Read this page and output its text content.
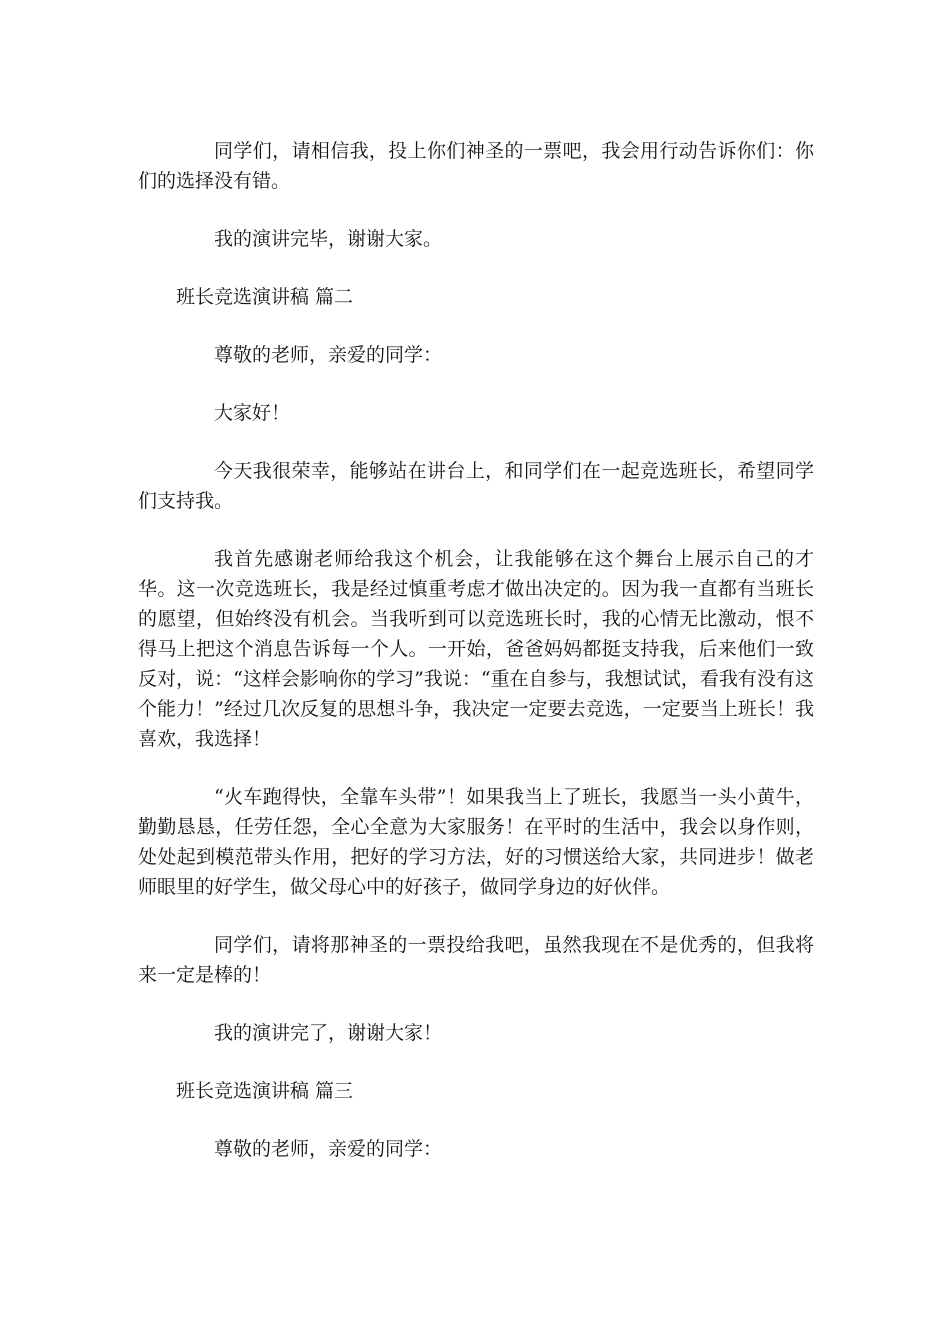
同学们，请相信我，投上你们神圣的一票吧，我会用行动告诉你们：你们的选择没有错。

我的演讲完毕，谢谢大家。

班长竞选演讲稿 篇二

尊敬的老师，亲爱的同学：

大家好！

今天我很荣幸，能够站在讲台上，和同学们在一起竞选班长，希望同学们支持我。

我首先感谢老师给我这个机会，让我能够在这个舞台上展示自己的才华。这一次竞选班长，我是经过慎重考虑才做出决定的。因为我一直都有当班长的愿望，但始终没有机会。当我听到可以竞选班长时，我的心情无比激动，恨不得马上把这个消息告诉每一个人。一开始，爸爸妈妈都挺支持我，后来他们一致反对，说：“这样会影响你的学习”我说：“重在自参与，我想试试，看我有没有这个能力！”经过几次反复的思想斗争，我决定一定要去竞选，一定要当上班长！我喜欢，我选择！

“火车跑得快，全靠车头带”！如果我当上了班长，我愿当一头小黄牛，勤勤恳恳，任劳任怨，全心全意为大家服务！在平时的生活中，我会以身作则，处处起到模范带头作用，把好的学习方法，好的习惯送给大家，共同进步！做老师眼里的好学生，做父母心中的好孩子，做同学身边的好伙伴。

同学们，请将那神圣的一票投给我吧，虽然我现在不是优秀的，但我将来一定是棒的！

我的演讲完了，谢谢大家！

班长竞选演讲稿 篇三

尊敬的老师，亲爱的同学：
